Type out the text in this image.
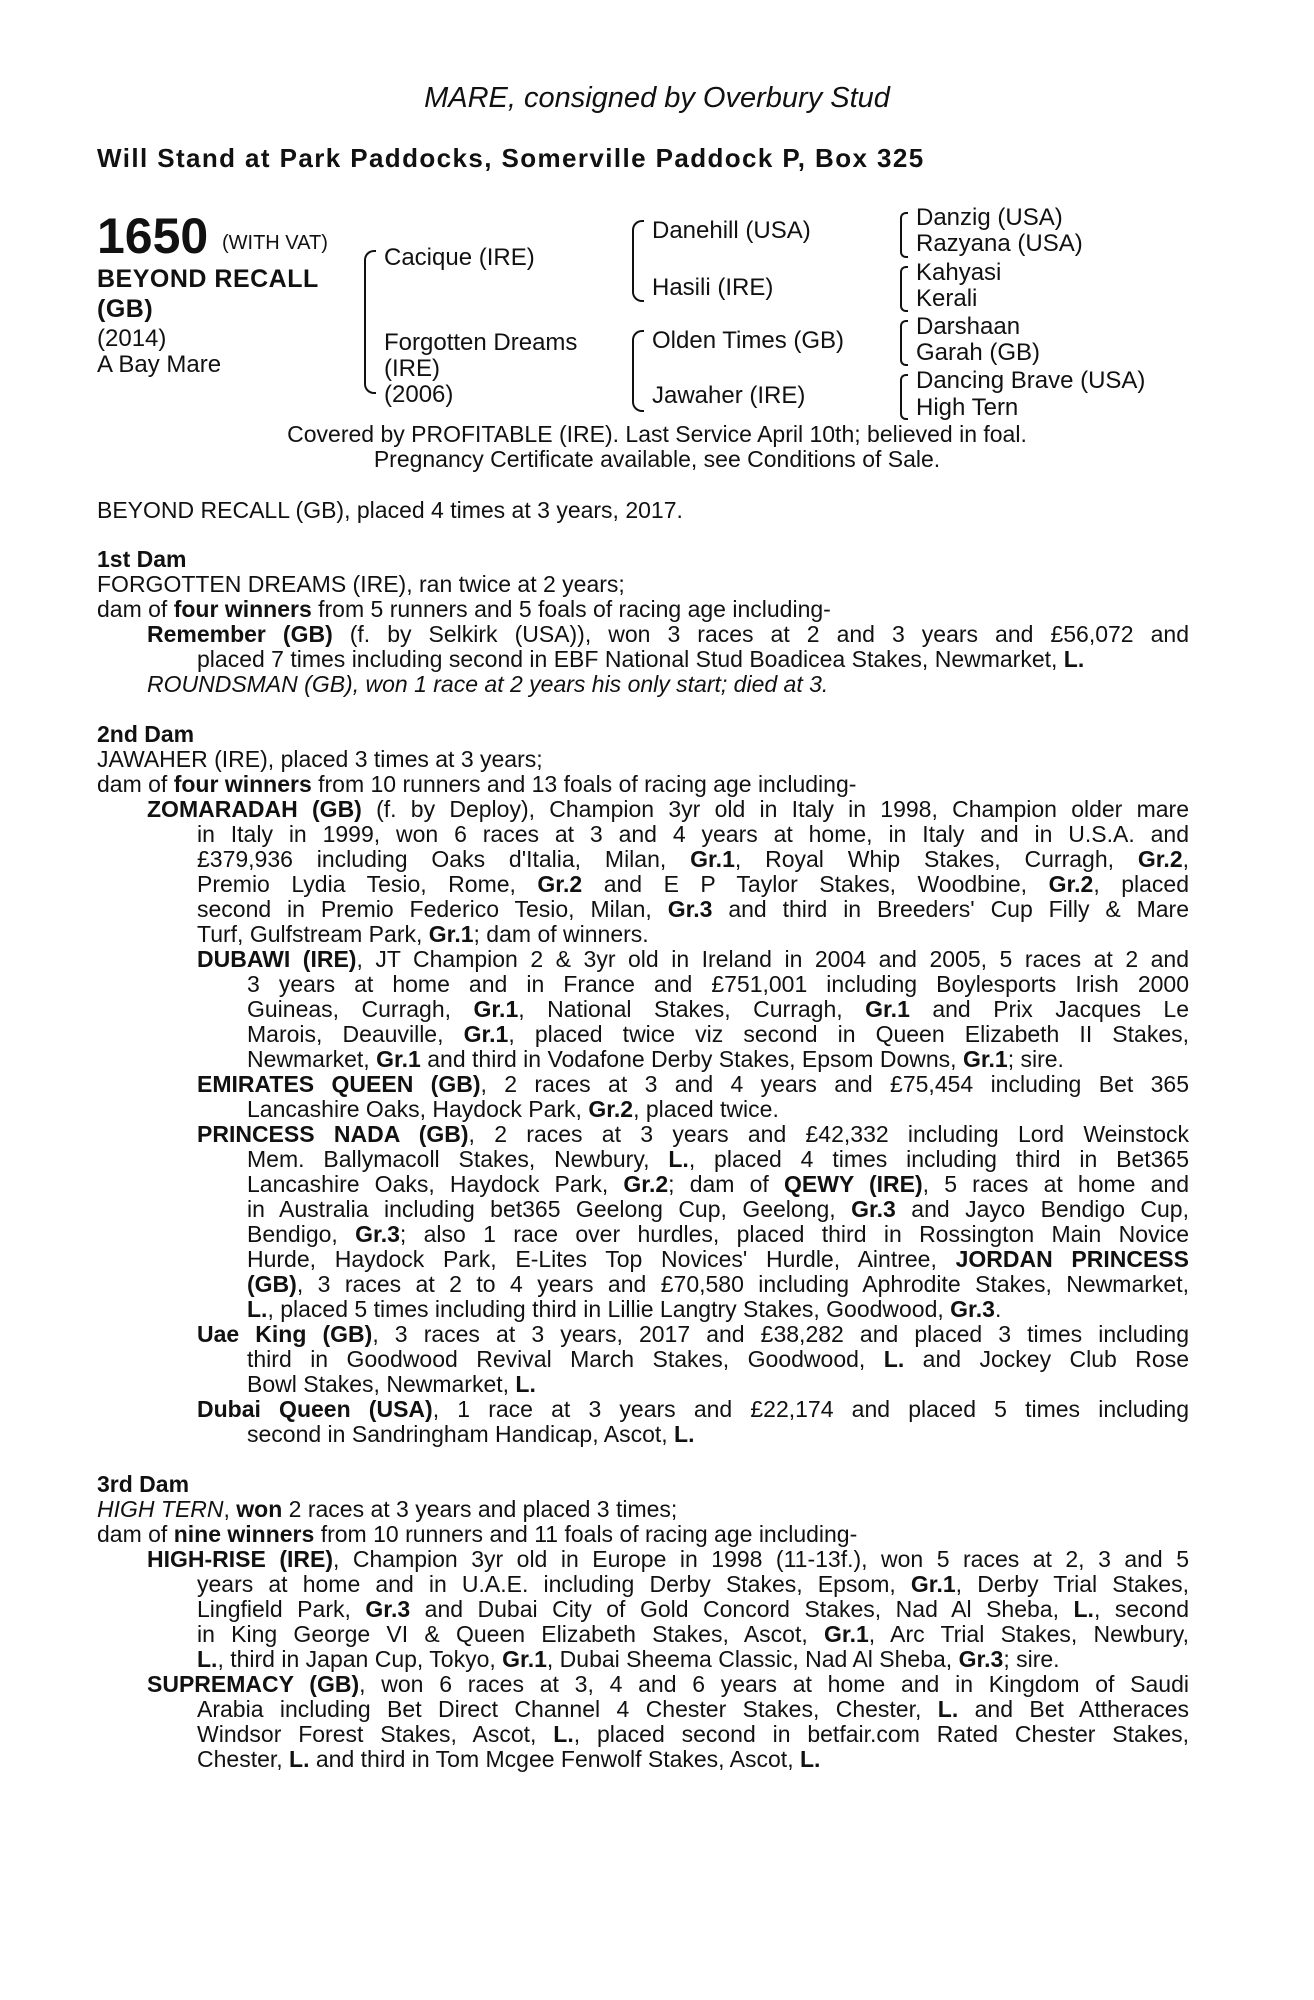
MARE, consigned by Overbury Stud
Will Stand at Park Paddocks, Somerville Paddock P, Box 325
1650 (WITH VAT)
BEYOND RECALL
(GB)
(2014)
A Bay Mare
Cacique (IRE)
Forgotten Dreams
(IRE)
(2006)
Danehill (USA)
Hasili (IRE)
Olden Times (GB)
Jawaher (IRE)
Danzig (USA)
Razyana (USA)
Kahyasi
Kerali
Darshaan
Garah (GB)
Dancing Brave (USA)
High Tern
Covered by PROFITABLE (IRE). Last Service April 10th; believed in foal.
Pregnancy Certificate available, see Conditions of Sale.
BEYOND RECALL (GB), placed 4 times at 3 years, 2017.
1st Dam
FORGOTTEN DREAMS (IRE), ran twice at 2 years;
dam of four winners from 5 runners and 5 foals of racing age including-
Remember (GB) (f. by Selkirk (USA)), won 3 races at 2 and 3 years and £56,072 and
placed 7 times including second in EBF National Stud Boadicea Stakes, Newmarket, L.
ROUNDSMAN (GB), won 1 race at 2 years his only start; died at 3.
2nd Dam
JAWAHER (IRE), placed 3 times at 3 years;
dam of four winners from 10 runners and 13 foals of racing age including-
ZOMARADAH (GB) (f. by Deploy), Champion 3yr old in Italy in 1998, Champion older mare
in Italy in 1999, won 6 races at 3 and 4 years at home, in Italy and in U.S.A. and
£379,936 including Oaks d'Italia, Milan, Gr.1, Royal Whip Stakes, Curragh, Gr.2,
Premio Lydia Tesio, Rome, Gr.2 and E P Taylor Stakes, Woodbine, Gr.2, placed
second in Premio Federico Tesio, Milan, Gr.3 and third in Breeders' Cup Filly & Mare
Turf, Gulfstream Park, Gr.1; dam of winners.
DUBAWI (IRE), JT Champion 2 & 3yr old in Ireland in 2004 and 2005, 5 races at 2 and
3 years at home and in France and £751,001 including Boylesports Irish 2000
Guineas, Curragh, Gr.1, National Stakes, Curragh, Gr.1 and Prix Jacques Le
Marois, Deauville, Gr.1, placed twice viz second in Queen Elizabeth II Stakes,
Newmarket, Gr.1 and third in Vodafone Derby Stakes, Epsom Downs, Gr.1; sire.
EMIRATES QUEEN (GB), 2 races at 3 and 4 years and £75,454 including Bet 365
Lancashire Oaks, Haydock Park, Gr.2, placed twice.
PRINCESS NADA (GB), 2 races at 3 years and £42,332 including Lord Weinstock
Mem. Ballymacoll Stakes, Newbury, L., placed 4 times including third in Bet365
Lancashire Oaks, Haydock Park, Gr.2; dam of QEWY (IRE), 5 races at home and
in Australia including bet365 Geelong Cup, Geelong, Gr.3 and Jayco Bendigo Cup,
Bendigo, Gr.3; also 1 race over hurdles, placed third in Rossington Main Novice
Hurde, Haydock Park, E-Lites Top Novices' Hurdle, Aintree, JORDAN PRINCESS
(GB), 3 races at 2 to 4 years and £70,580 including Aphrodite Stakes, Newmarket,
L., placed 5 times including third in Lillie Langtry Stakes, Goodwood, Gr.3.
Uae King (GB), 3 races at 3 years, 2017 and £38,282 and placed 3 times including
third in Goodwood Revival March Stakes, Goodwood, L. and Jockey Club Rose
Bowl Stakes, Newmarket, L.
Dubai Queen (USA), 1 race at 3 years and £22,174 and placed 5 times including
second in Sandringham Handicap, Ascot, L.
3rd Dam
HIGH TERN, won 2 races at 3 years and placed 3 times;
dam of nine winners from 10 runners and 11 foals of racing age including-
HIGH-RISE (IRE), Champion 3yr old in Europe in 1998 (11-13f.), won 5 races at 2, 3 and 5
years at home and in U.A.E. including Derby Stakes, Epsom, Gr.1, Derby Trial Stakes,
Lingfield Park, Gr.3 and Dubai City of Gold Concord Stakes, Nad Al Sheba, L., second
in King George VI & Queen Elizabeth Stakes, Ascot, Gr.1, Arc Trial Stakes, Newbury,
L., third in Japan Cup, Tokyo, Gr.1, Dubai Sheema Classic, Nad Al Sheba, Gr.3; sire.
SUPREMACY (GB), won 6 races at 3, 4 and 6 years at home and in Kingdom of Saudi
Arabia including Bet Direct Channel 4 Chester Stakes, Chester, L. and Bet Attheraces
Windsor Forest Stakes, Ascot, L., placed second in betfair.com Rated Chester Stakes,
Chester, L. and third in Tom Mcgee Fenwolf Stakes, Ascot, L.
